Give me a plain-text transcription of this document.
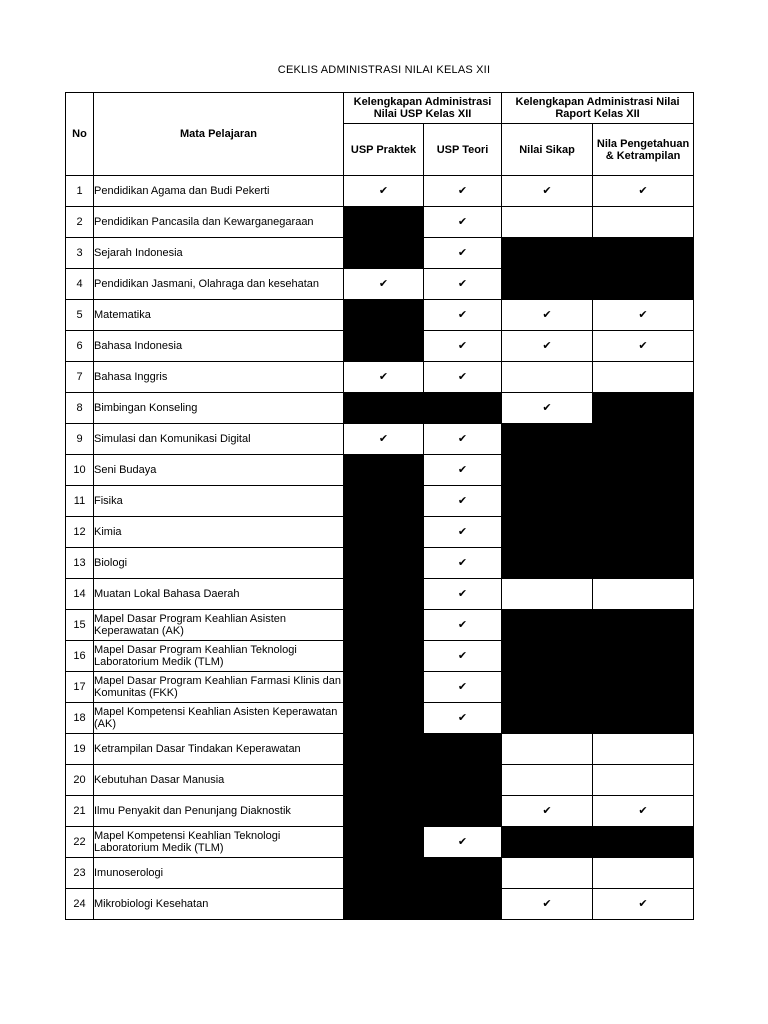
CEKLIS ADMINISTRASI NILAI KELAS XII
No	Mata Pelajaran	Kelengkapan Administrasi Nilai USP Kelas XII		Kelengkapan Administrasi Nilai Raport Kelas XII	
		USP Praktek	USP Teori	Nilai Sikap	Nila Pengetahuan & Ketrampilan
1	Pendidikan Agama dan Budi Pekerti	✔	✔	✔	✔
2	Pendidikan Pancasila dan Kewarganegaraan		✔		
3	Sejarah Indonesia		✔		
4	Pendidikan Jasmani, Olahraga dan kesehatan	✔	✔		
5	Matematika		✔	✔	✔
6	Bahasa Indonesia		✔	✔	✔
7	Bahasa Inggris	✔	✔		
8	Bimbingan Konseling			✔	
9	Simulasi dan Komunikasi Digital	✔	✔		
10	Seni Budaya		✔		
11	Fisika		✔		
12	Kimia		✔		
13	Biologi		✔		
14	Muatan Lokal Bahasa Daerah		✔		
15	Mapel Dasar Program Keahlian Asisten Keperawatan (AK)		✔		
16	Mapel Dasar Program Keahlian Teknologi Laboratorium Medik (TLM)		✔		
17	Mapel Dasar Program Keahlian Farmasi Klinis dan Komunitas (FKK)		✔		
18	Mapel Kompetensi Keahlian Asisten Keperawatan (AK)		✔		
19	Ketrampilan Dasar Tindakan Keperawatan				
20	Kebutuhan Dasar Manusia				
21	Ilmu Penyakit dan Penunjang Diaknostik			✔	✔
22	Mapel Kompetensi Keahlian Teknologi Laboratorium Medik (TLM)		✔		
23	Imunoserologi				
24	Mikrobiologi Kesehatan			✔	✔
